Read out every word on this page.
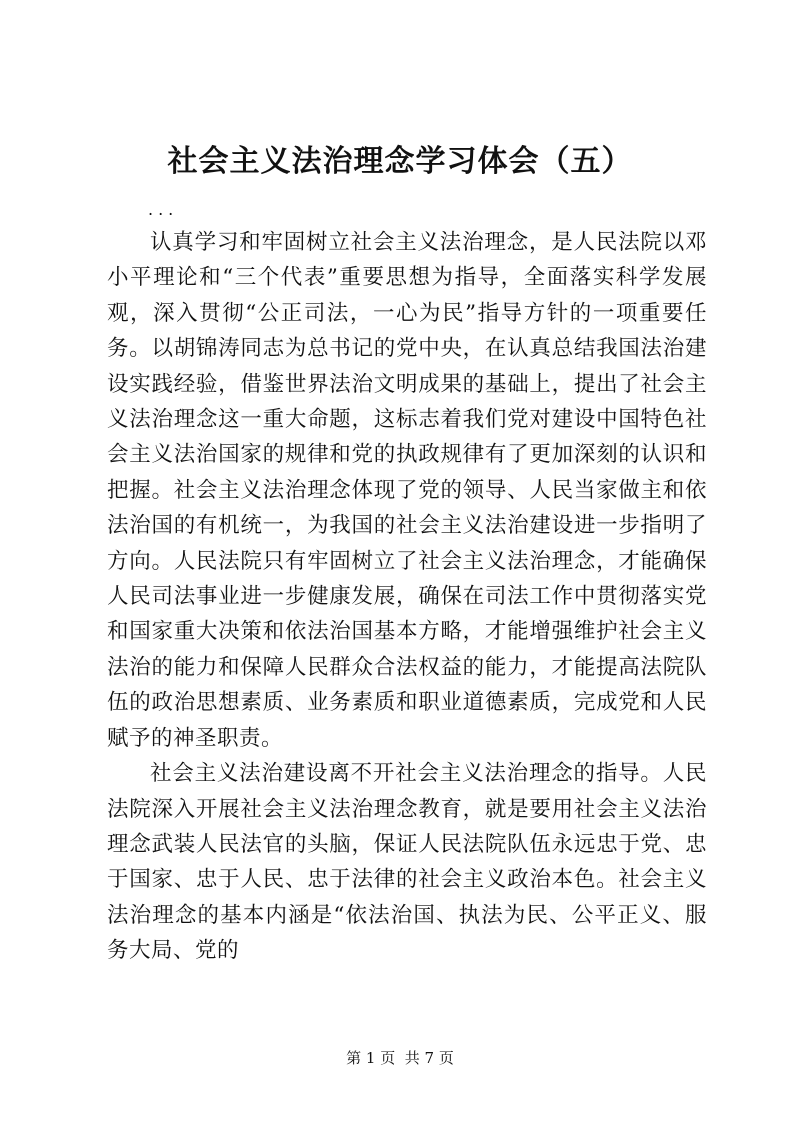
社会主义法治理念学习体会（五）
...

认真学习和牢固树立社会主义法治理念，是人民法院以邓小平理论和“三个代表”重要思想为指导，全面落实科学发展观，深入贯彻“公正司法，一心为民”指导方针的一项重要任务。以胡锦涛同志为总书记的党中央，在认真总结我国法治建设实践经验，借鉴世界法治文明成果的基础上，提出了社会主义法治理念这一重大命题，这标志着我们党对建设中国特色社会主义法治国家的规律和党的执政规律有了更加深刻的认识和把握。社会主义法治理念体现了党的领导、人民当家做主和依法治国的有机统一，为我国的社会主义法治建设进一步指明了方向。人民法院只有牢固树立了社会主义法治理念，才能确保人民司法事业进一步健康发展，确保在司法工作中贯彻落实党和国家重大决策和依法治国基本方略，才能增强维护社会主义法治的能力和保障人民群众合法权益的能力，才能提高法院队伍的政治思想素质、业务素质和职业道德素质，完成党和人民赋予的神圣职责。

社会主义法治建设离不开社会主义法治理念的指导。人民法院深入开展社会主义法治理念教育，就是要用社会主义法治理念武装人民法官的头脑，保证人民法院队伍永远忠于党、忠于国家、忠于人民、忠于法律的社会主义政治本色。社会主义法治理念的基本内涵是“依法治国、执法为民、公平正义、服务大局、党的

第 1 页  共 7 页
